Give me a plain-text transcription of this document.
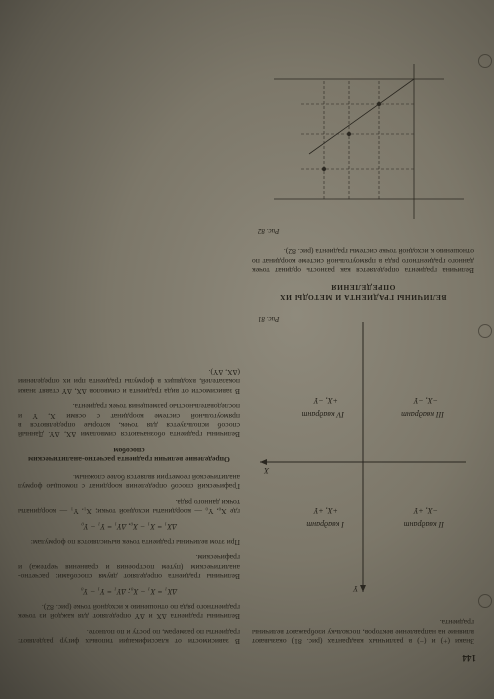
144

Знаки (+) и (−) в различных квадрантах (рис. 81) оказывают влияние на направление векторов, поскольку изображают величины градиента.

X
Y
I квадрант
+X, +Y
II квадрант
−X, +Y
III квадрант
−X, −Y
IV квадрант
+X, −Y
Рис. 81
ВЕЛИЧИНЫ ГРАДИЕНТА И МЕТОДЫ ИХ ОПРЕДЕЛЕНИЯ

Величина градиента определяется как разность ординат точек данного градиентного ряда в прямоугольной системе координат по отношению к исходной точке системы градиента (рис. 82).

Рис. 82

В зависимости от классификации типовых фигур разделяют: градиенты по размерам, по росту и по полноте.

Величины градиента ΔX и ΔY определяют для каждой из точек градиентного ряда по отношению к исходной точке (рис. 82).

ΔX₁ = X₁ − X₀; ΔY₁ = Y₁ − Y₀

Величины градиента определяют двумя способами: расчетно-аналитическим (путем построения и сравнения чертежа) и графическим.

При этом величины градиента точек вычисляются по формулам:

ΔX₁ = X₁ − X₀, ΔY₁ = Y₁ − Y₀

где X₀, Y₀ — координаты исходной точки; X₁, Y₁ — координаты точки данного ряда.

Графический способ определения координат с помощью формул аналитической геометрии является более сложным.

Определение величин градиента расчетно-аналитическим способом

Величины градиента обозначаются символами ΔX, ΔY. Данный способ используется для точек, которые определяются в прямоугольной системе координат с осями X, Y и последовательностью размещения точек градиента.

В зависимости от вида градиента и символов ΔX, ΔY ставят знаки показателей, входящих в формулы градиента при их определении (ΔX, ΔY).
